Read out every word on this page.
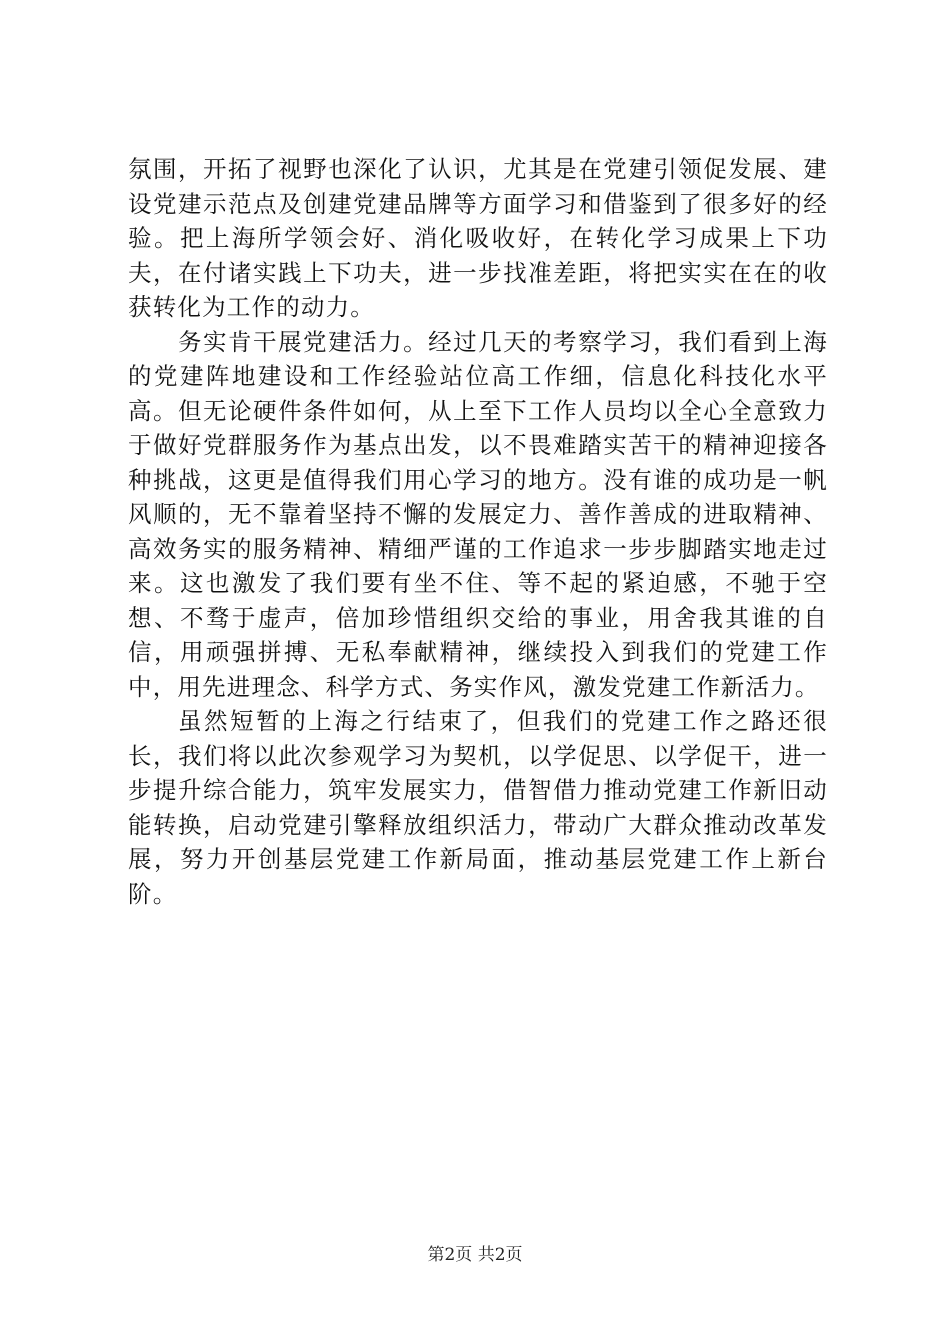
氛围，开拓了视野也深化了认识，尤其是在党建引领促发展、建设党建示范点及创建党建品牌等方面学习和借鉴到了很多好的经验。把上海所学领会好、消化吸收好，在转化学习成果上下功夫，在付诸实践上下功夫，进一步找准差距，将把实实在在的收获转化为工作的动力。

务实肯干展党建活力。经过几天的考察学习，我们看到上海的党建阵地建设和工作经验站位高工作细，信息化科技化水平高。但无论硬件条件如何，从上至下工作人员均以全心全意致力于做好党群服务作为基点出发，以不畏难踏实苦干的精神迎接各种挑战，这更是值得我们用心学习的地方。没有谁的成功是一帆风顺的，无不靠着坚持不懈的发展定力、善作善成的进取精神、高效务实的服务精神、精细严谨的工作追求一步步脚踏实地走过来。这也激发了我们要有坐不住、等不起的紧迫感，不驰于空想、不骛于虚声，倍加珍惜组织交给的事业，用舍我其谁的自信，用顽强拼搏、无私奉献精神，继续投入到我们的党建工作中，用先进理念、科学方式、务实作风，激发党建工作新活力。

虽然短暂的上海之行结束了，但我们的党建工作之路还很长，我们将以此次参观学习为契机，以学促思、以学促干，进一步提升综合能力，筑牢发展实力，借智借力推动党建工作新旧动能转换，启动党建引擎释放组织活力，带动广大群众推动改革发展，努力开创基层党建工作新局面，推动基层党建工作上新台阶。

第2页 共2页
